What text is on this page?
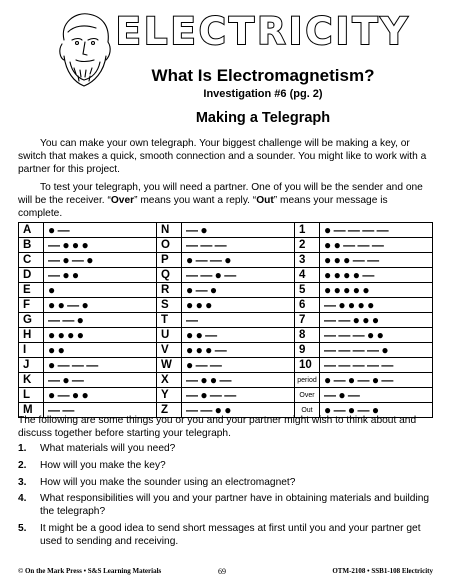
ELECTRICITY
What Is Electromagnetism?
Investigation #6 (pg. 2)
Making a Telegraph
You can make your own telegraph. Your biggest challenge will be making a key, or switch that makes a quick, smooth connection and a sounder. You might like to work with a partner for this project.
To test your telegraph, you will need a partner. One of you will be the sender and one will be the receiver. “Over” means you want a reply. “Out” means your message is complete.
A	● —	N	— ●	1	● — — — —
B	— ● ● ●	O	— — —	2	● ● — — —
C	— ● — ●	P	● — — ●	3	● ● ● — —
D	— ● ●	Q	— — ● —	4	● ● ● ● —
E	●	R	● — ●	5	● ● ● ● ●
F	● ● — ●	S	● ● ●	6	— ● ● ● ●
G	— — ●	T	—	7	— — ● ● ●
H	● ● ● ●	U	● ● —	8	— — — ● ●
I	● ●	V	● ● ● —	9	— — — — ●
J	● — — —	W	● — —	10	— — — — —
K	— ● —	X	— ● ● —	period	● — ● — ● —
L	● — ● ●	Y	— ● — —	Over	— ● —
M	— —	Z	— — ● ●	Out	● — ● — ●
The following are some things you or you and your partner might wish to think about and discuss together before starting your telegraph.
1. What materials will you need?
2. How will you make the key?
3. How will you make the sounder using an electromagnet?
4. What responsibilities will you and your partner have in obtaining materials and building the telegraph?
5. It might be a good idea to send short messages at first until you and your partner get used to sending and receiving.
© On the Mark Press • S&S Learning Materials	69	OTM-2108 • SSB1-108 Electricity
